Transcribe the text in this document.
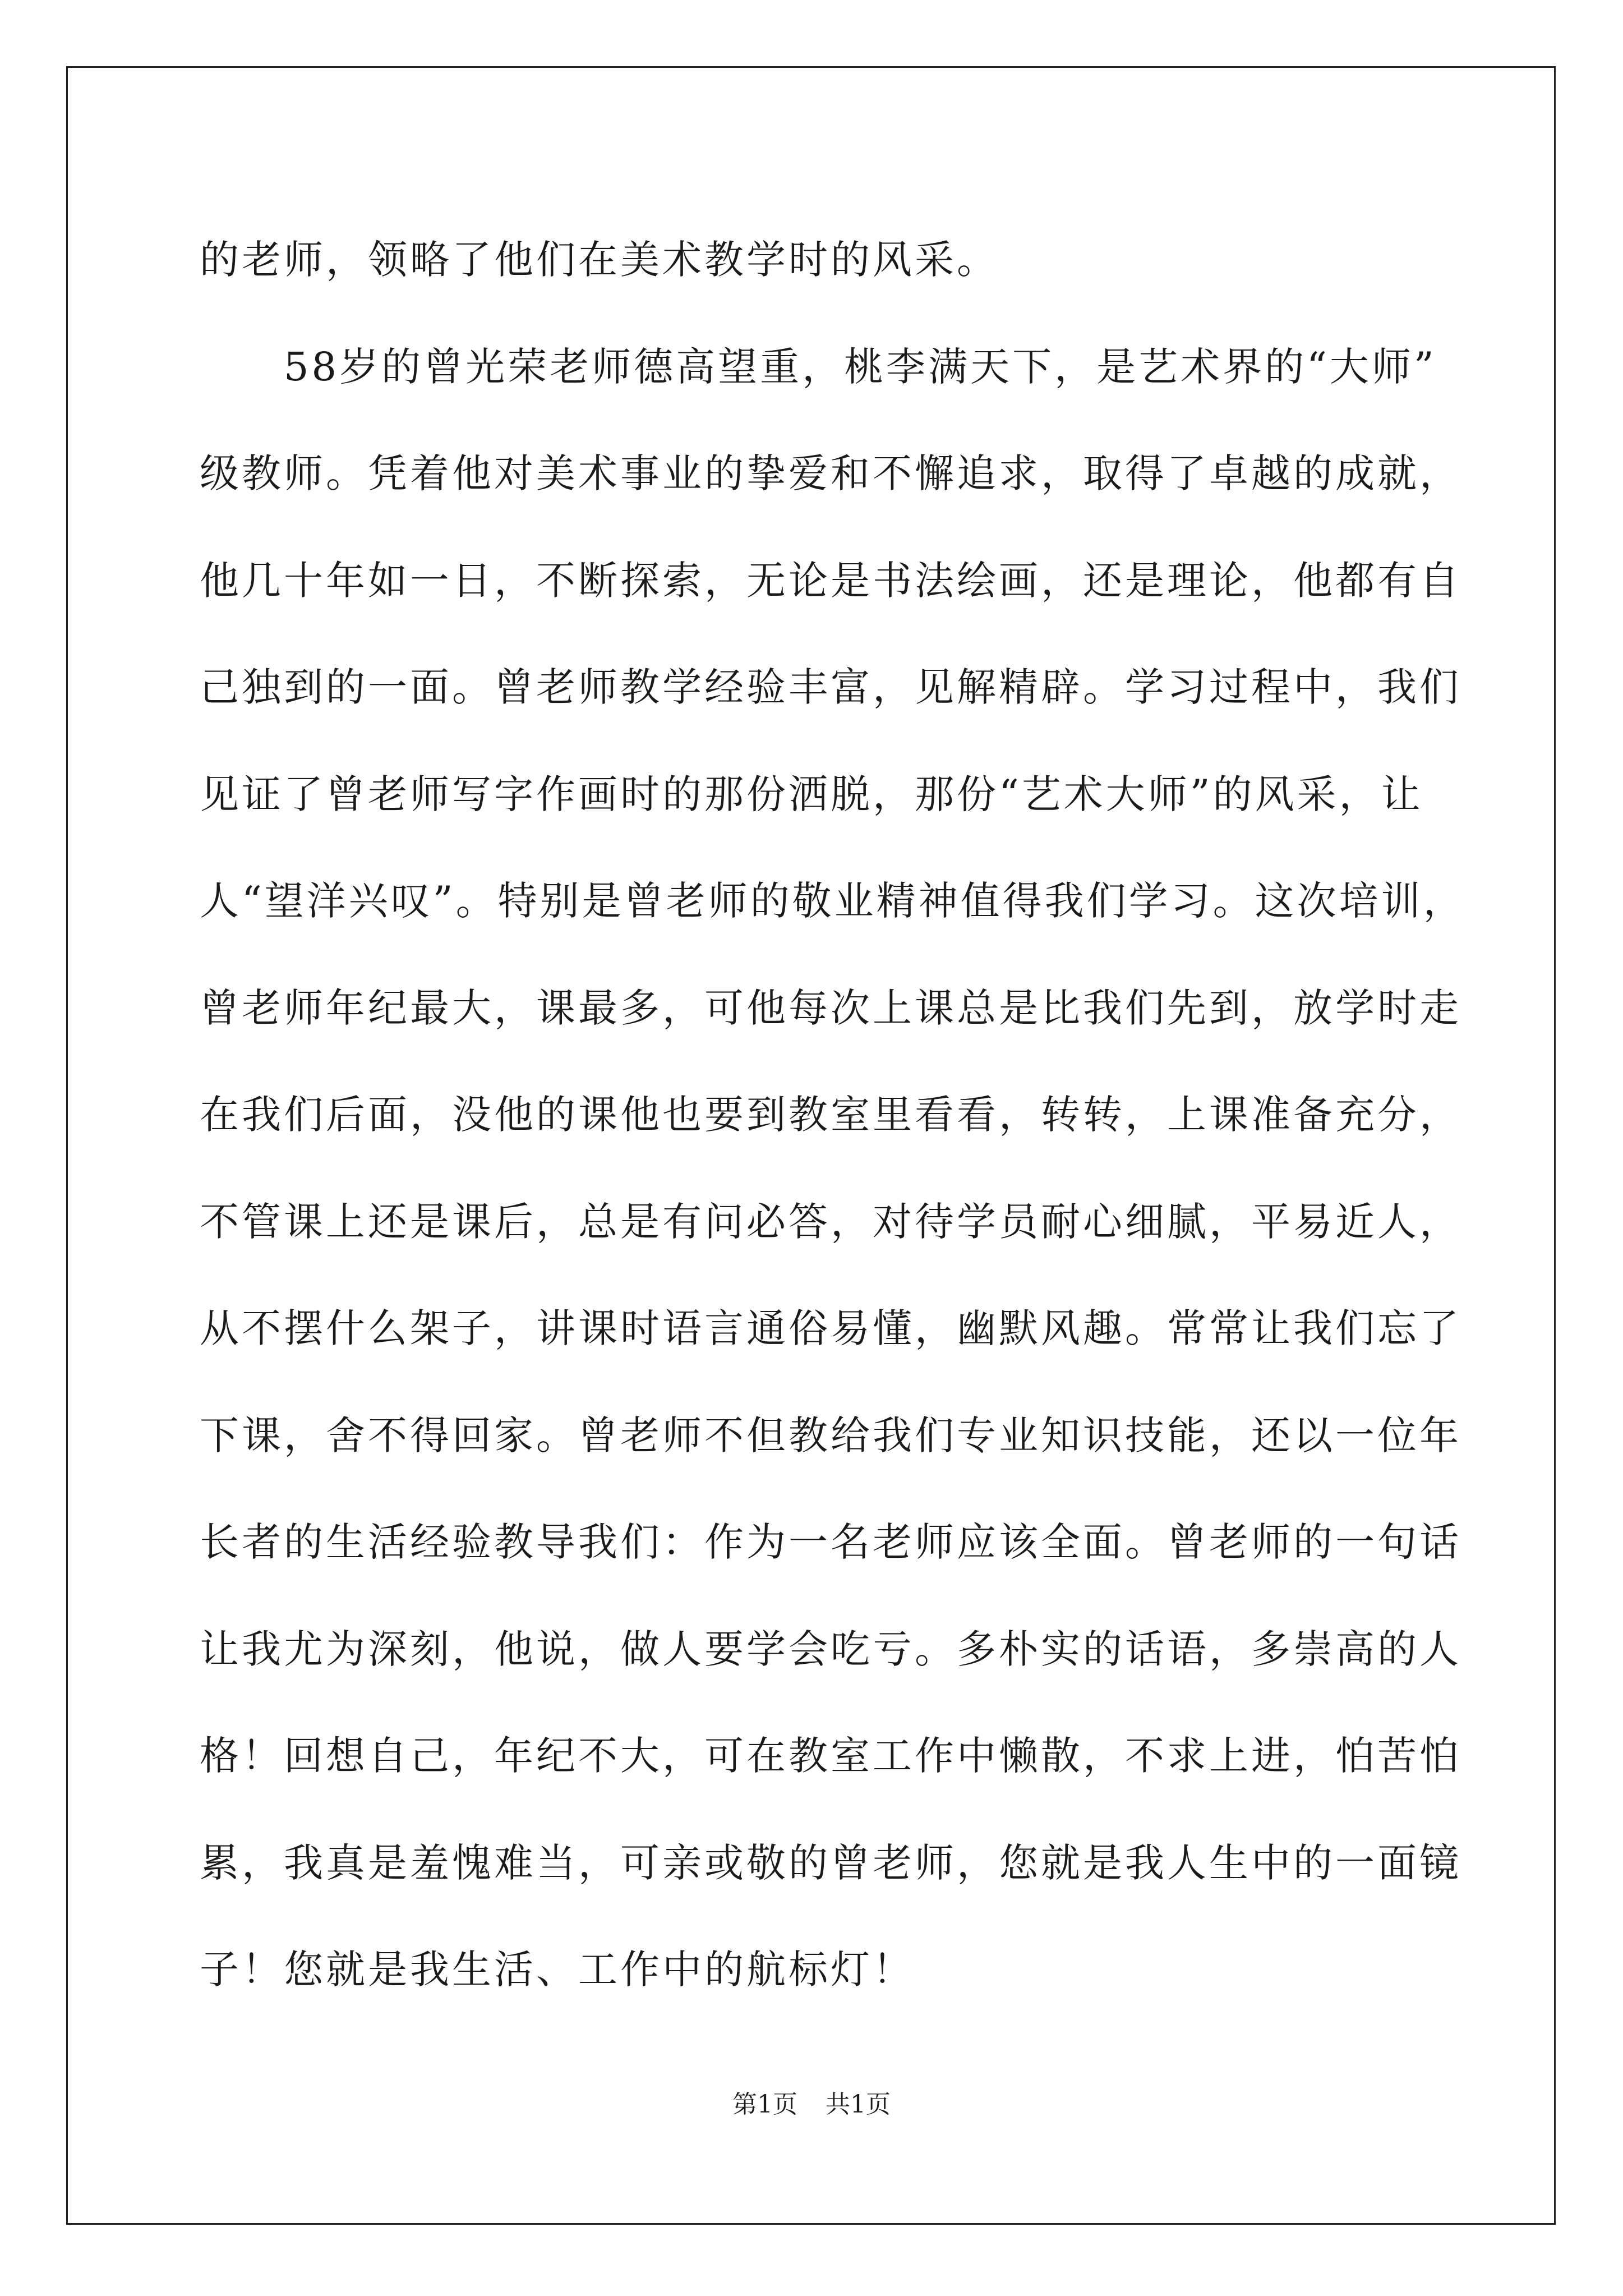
的老师，领略了他们在美术教学时的风采。
58岁的曾光荣老师德高望重，桃李满天下，是艺术界的“大师”
级教师。凭着他对美术事业的挚爱和不懈追求，取得了卓越的成就，
他几十年如一日，不断探索，无论是书法绘画，还是理论，他都有自
己独到的一面。曾老师教学经验丰富，见解精辟。学习过程中，我们
见证了曾老师写字作画时的那份洒脱，那份“艺术大师”的风采，让
人“望洋兴叹”。特别是曾老师的敬业精神值得我们学习。这次培训，
曾老师年纪最大，课最多，可他每次上课总是比我们先到，放学时走
在我们后面，没他的课他也要到教室里看看，转转，上课准备充分，
不管课上还是课后，总是有问必答，对待学员耐心细腻，平易近人，
从不摆什么架子，讲课时语言通俗易懂，幽默风趣。常常让我们忘了
下课，舍不得回家。曾老师不但教给我们专业知识技能，还以一位年
长者的生活经验教导我们：作为一名老师应该全面。曾老师的一句话
让我尤为深刻，他说，做人要学会吃亏。多朴实的话语，多崇高的人
格！回想自己，年纪不大，可在教室工作中懒散，不求上进，怕苦怕
累，我真是羞愧难当，可亲或敬的曾老师，您就是我人生中的一面镜
子！您就是我生活、工作中的航标灯！
第1页 共1页
